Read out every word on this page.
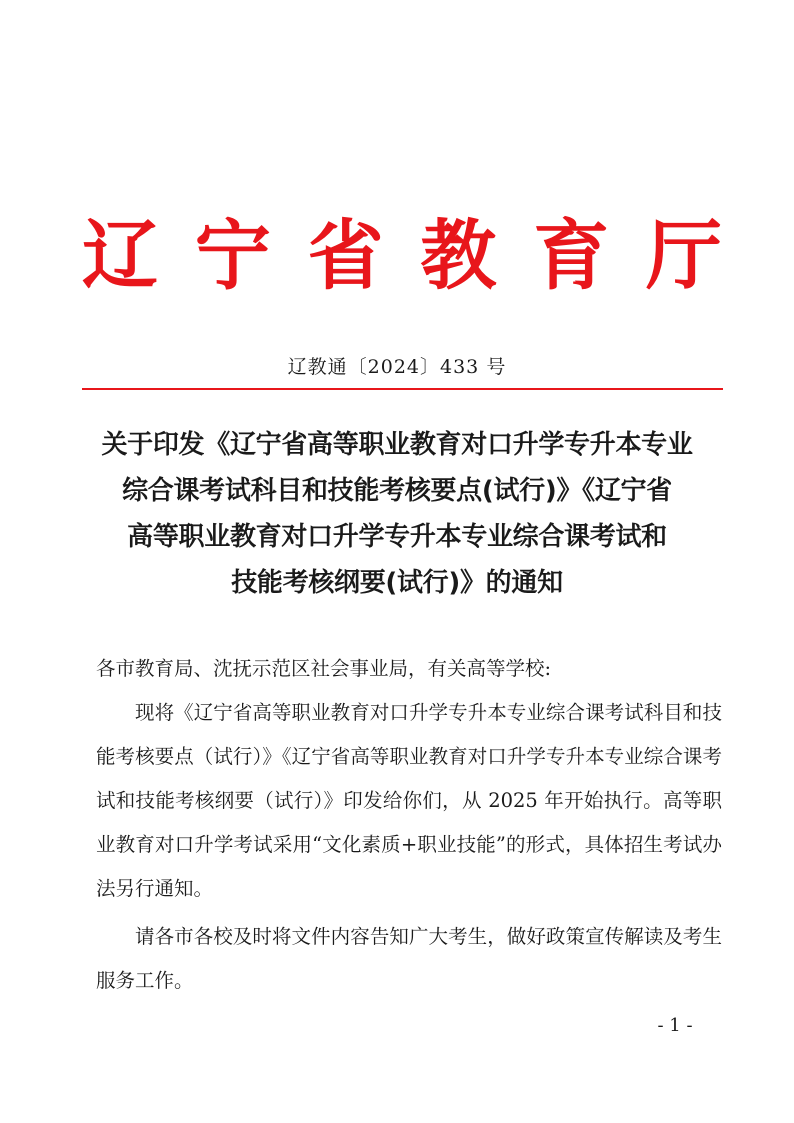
辽 宁 省 教 育 厅
辽教通〔2024〕433 号
关于印发《辽宁省高等职业教育对口升学专升本专业
综合课考试科目和技能考核要点(试行)》《辽宁省
高等职业教育对口升学专升本专业综合课考试和
技能考核纲要(试行)》的通知

各市教育局、沈抚示范区社会事业局，有关高等学校:

现将《辽宁省高等职业教育对口升学专升本专业综合课考试科目和技能考核要点（试行）》《辽宁省高等职业教育对口升学专升本专业综合课考试和技能考核纲要（试行）》印发给你们，从 2025 年开始执行。高等职业教育对口升学考试采用“文化素质+职业技能”的形式，具体招生考试办法另行通知。

请各市各校及时将文件内容告知广大考生，做好政策宣传解读及考生服务工作。

- 1 -
